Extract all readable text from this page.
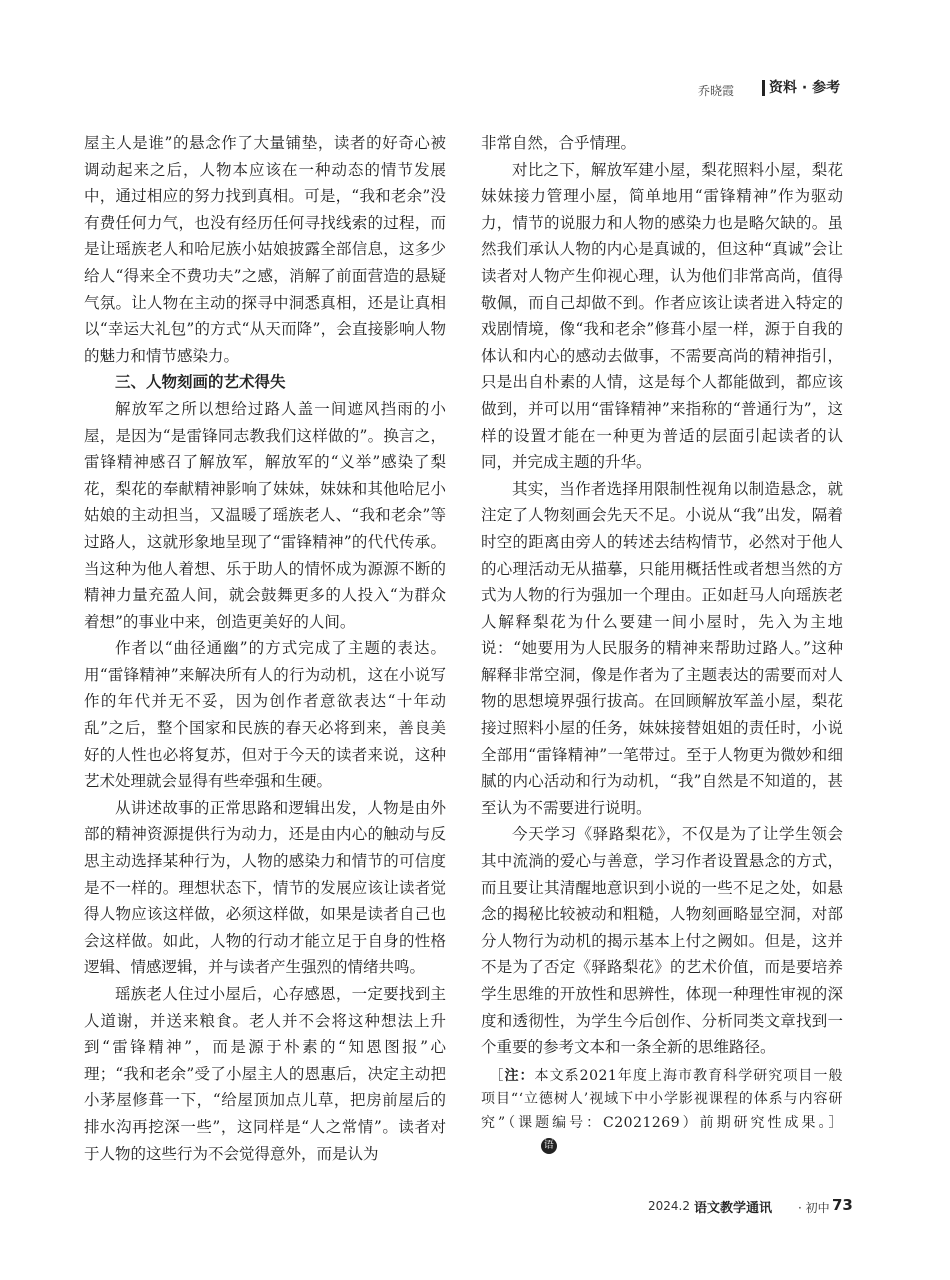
乔晓霞	资料 · 参考

屋主人是谁”的悬念作了大量铺垫，读者的好奇心被调动起来之后，人物本应该在一种动态的情节发展中，通过相应的努力找到真相。可是，“我和老余”没有费任何力气，也没有经历任何寻找线索的过程，而是让瑶族老人和哈尼族小姑娘披露全部信息，这多少给人“得来全不费功夫”之感，消解了前面营造的悬疑气氛。让人物在主动的探寻中洞悉真相，还是让真相以“幸运大礼包”的方式“从天而降”，会直接影响人物的魅力和情节感染力。

三、人物刻画的艺术得失

解放军之所以想给过路人盖一间遮风挡雨的小屋，是因为“是雷锋同志教我们这样做的”。换言之，雷锋精神感召了解放军，解放军的“义举”感染了梨花，梨花的奉献精神影响了妹妹，妹妹和其他哈尼小姑娘的主动担当，又温暖了瑶族老人、“我和老余”等过路人，这就形象地呈现了“雷锋精神”的代代传承。当这种为他人着想、乐于助人的情怀成为源源不断的精神力量充盈人间，就会鼓舞更多的人投入“为群众着想”的事业中来，创造更美好的人间。

作者以“曲径通幽”的方式完成了主题的表达。用“雷锋精神”来解决所有人的行为动机，这在小说写作的年代并无不妥，因为创作者意欲表达“十年动乱”之后，整个国家和民族的春天必将到来，善良美好的人性也必将复苏，但对于今天的读者来说，这种艺术处理就会显得有些牵强和生硬。

从讲述故事的正常思路和逻辑出发，人物是由外部的精神资源提供行为动力，还是由内心的触动与反思主动选择某种行为，人物的感染力和情节的可信度是不一样的。理想状态下，情节的发展应该让读者觉得人物应该这样做，必须这样做，如果是读者自己也会这样做。如此，人物的行动才能立足于自身的性格逻辑、情感逻辑，并与读者产生强烈的情绪共鸣。

瑶族老人住过小屋后，心存感恩，一定要找到主人道谢，并送来粮食。老人并不会将这种想法上升到“雷锋精神”，而是源于朴素的“知恩图报”心理；“我和老余”受了小屋主人的恩惠后，决定主动把小茅屋修葺一下，“给屋顶加点儿草，把房前屋后的排水沟再挖深一些”，这同样是“人之常情”。读者对于人物的这些行为不会觉得意外，而是认为

非常自然，合乎情理。

对比之下，解放军建小屋，梨花照料小屋，梨花妹妹接力管理小屋，简单地用“雷锋精神”作为驱动力，情节的说服力和人物的感染力也是略欠缺的。虽然我们承认人物的内心是真诚的，但这种“真诚”会让读者对人物产生仰视心理，认为他们非常高尚，值得敬佩，而自己却做不到。作者应该让读者进入特定的戏剧情境，像“我和老余”修葺小屋一样，源于自我的体认和内心的感动去做事，不需要高尚的精神指引，只是出自朴素的人情，这是每个人都能做到，都应该做到，并可以用“雷锋精神”来指称的“普通行为”，这样的设置才能在一种更为普适的层面引起读者的认同，并完成主题的升华。

其实，当作者选择用限制性视角以制造悬念，就注定了人物刻画会先天不足。小说从“我”出发，隔着时空的距离由旁人的转述去结构情节，必然对于他人的心理活动无从描摹，只能用概括性或者想当然的方式为人物的行为强加一个理由。正如赶马人向瑶族老人解释梨花为什么要建一间小屋时，先入为主地说：“她要用为人民服务的精神来帮助过路人。”这种解释非常空洞，像是作者为了主题表达的需要而对人物的思想境界强行拔高。在回顾解放军盖小屋，梨花接过照料小屋的任务，妹妹接替姐姐的责任时，小说全部用“雷锋精神”一笔带过。至于人物更为微妙和细腻的内心活动和行为动机，“我”自然是不知道的，甚至认为不需要进行说明。

今天学习《驿路梨花》，不仅是为了让学生领会其中流淌的爱心与善意，学习作者设置悬念的方式，而且要让其清醒地意识到小说的一些不足之处，如悬念的揭秘比较被动和粗糙，人物刻画略显空洞，对部分人物行为动机的揭示基本上付之阙如。但是，这并不是为了否定《驿路梨花》的艺术价值，而是要培养学生思维的开放性和思辨性，体现一种理性审视的深度和透彻性，为学生今后创作、分析同类文章找到一个重要的参考文本和一条全新的思维路径。

［注：本文系2021年度上海市教育科学研究项目一般项目“‘立德树人’视域下中小学影视课程的体系与内容研究”（课题编号：C2021269）前期研究性成果。］语
2024.2 语文教学通讯 · 初中 73
